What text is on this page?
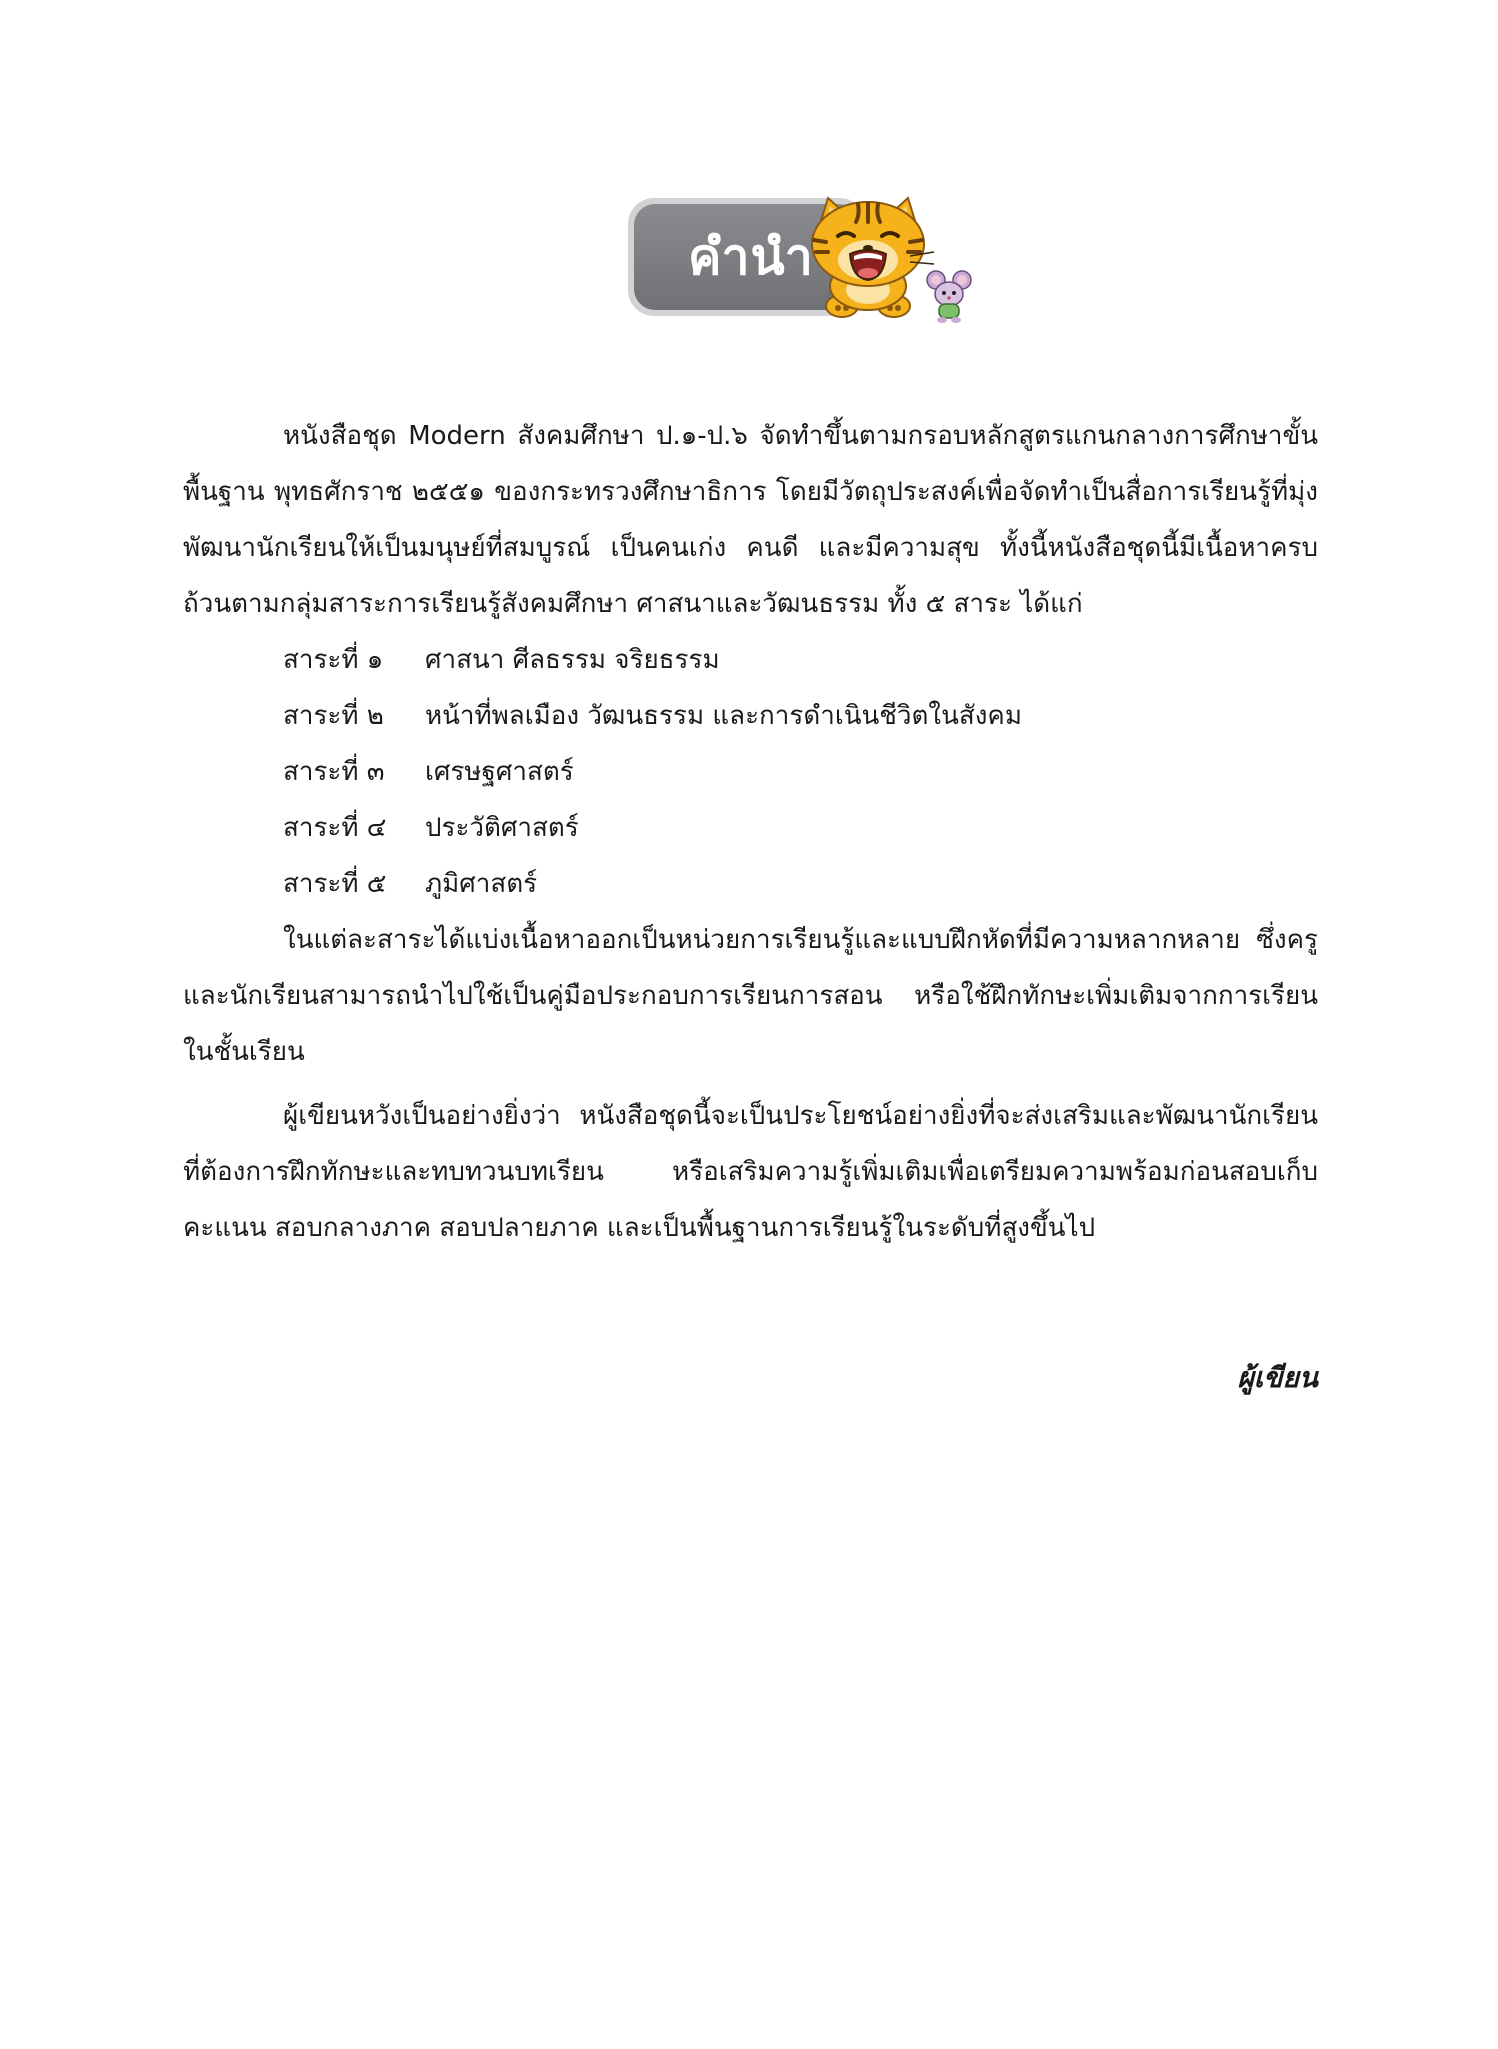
คำนำ

หนังสือชุด Modern สังคมศึกษา ป.๑-ป.๖ จัดทำขึ้นตามกรอบหลักสูตรแกนกลางการศึกษาขั้นพื้นฐาน พุทธศักราช ๒๕๕๑ ของกระทรวงศึกษาธิการ โดยมีวัตถุประสงค์เพื่อจัดทำเป็นสื่อการเรียนรู้ที่มุ่งพัฒนานักเรียนให้เป็นมนุษย์ที่สมบูรณ์ เป็นคนเก่ง คนดี และมีความสุข ทั้งนี้หนังสือชุดนี้มีเนื้อหาครบถ้วนตามกลุ่มสาระการเรียนรู้สังคมศึกษา ศาสนาและวัฒนธรรม ทั้ง ๕ สาระ ได้แก่

สาระที่ ๑	ศาสนา ศีลธรรม จริยธรรม
สาระที่ ๒	หน้าที่พลเมือง วัฒนธรรม และการดำเนินชีวิตในสังคม
สาระที่ ๓	เศรษฐศาสตร์
สาระที่ ๔	ประวัติศาสตร์
สาระที่ ๕	ภูมิศาสตร์

ในแต่ละสาระได้แบ่งเนื้อหาออกเป็นหน่วยการเรียนรู้และแบบฝึกหัดที่มีความหลากหลาย ซึ่งครูและนักเรียนสามารถนำไปใช้เป็นคู่มือประกอบการเรียนการสอน หรือใช้ฝึกทักษะเพิ่มเติมจากการเรียนในชั้นเรียน

ผู้เขียนหวังเป็นอย่างยิ่งว่า หนังสือชุดนี้จะเป็นประโยชน์อย่างยิ่งที่จะส่งเสริมและพัฒนานักเรียนที่ต้องการฝึกทักษะและทบทวนบทเรียน หรือเสริมความรู้เพิ่มเติมเพื่อเตรียมความพร้อมก่อนสอบเก็บคะแนน สอบกลางภาค สอบปลายภาค และเป็นพื้นฐานการเรียนรู้ในระดับที่สูงขึ้นไป

ผู้เขียน
